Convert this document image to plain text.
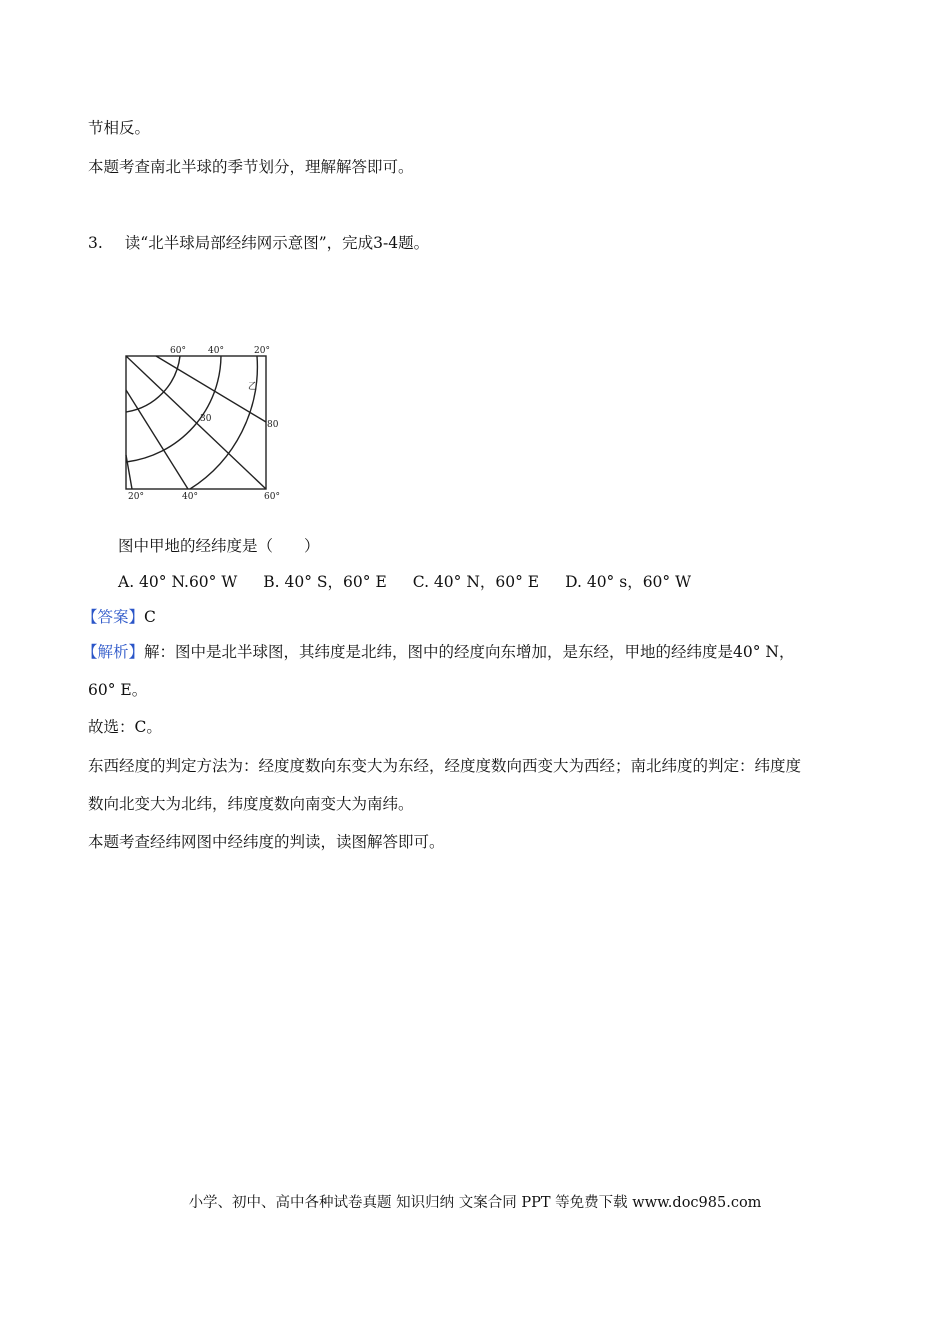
节相反。
本题考查南北半球的季节划分，理解解答即可。
3. 读“北半球局部经纬网示意图”，完成3-4题。
60° 40°	20°
乙
80
30
20°	40°	60°
图中甲地的经纬度是（　　）
A. 40° N.60° W B. 40° S，60° E C. 40° N，60° E D. 40° s，60° W
【答案】C
【解析】解：图中是北半球图，其纬度是北纬，图中的经度向东增加，是东经，甲地的经纬度是40° N，
60° E。
故选：C。
东西经度的判定方法为：经度度数向东变大为东经，经度度数向西变大为西经；南北纬度的判定：纬度度
数向北变大为北纬，纬度度数向南变大为南纬。
本题考查经纬网图中经纬度的判读，读图解答即可。
小学、初中、高中各种试卷真题 知识归纳 文案合同 PPT 等免费下载 www.doc985.com
